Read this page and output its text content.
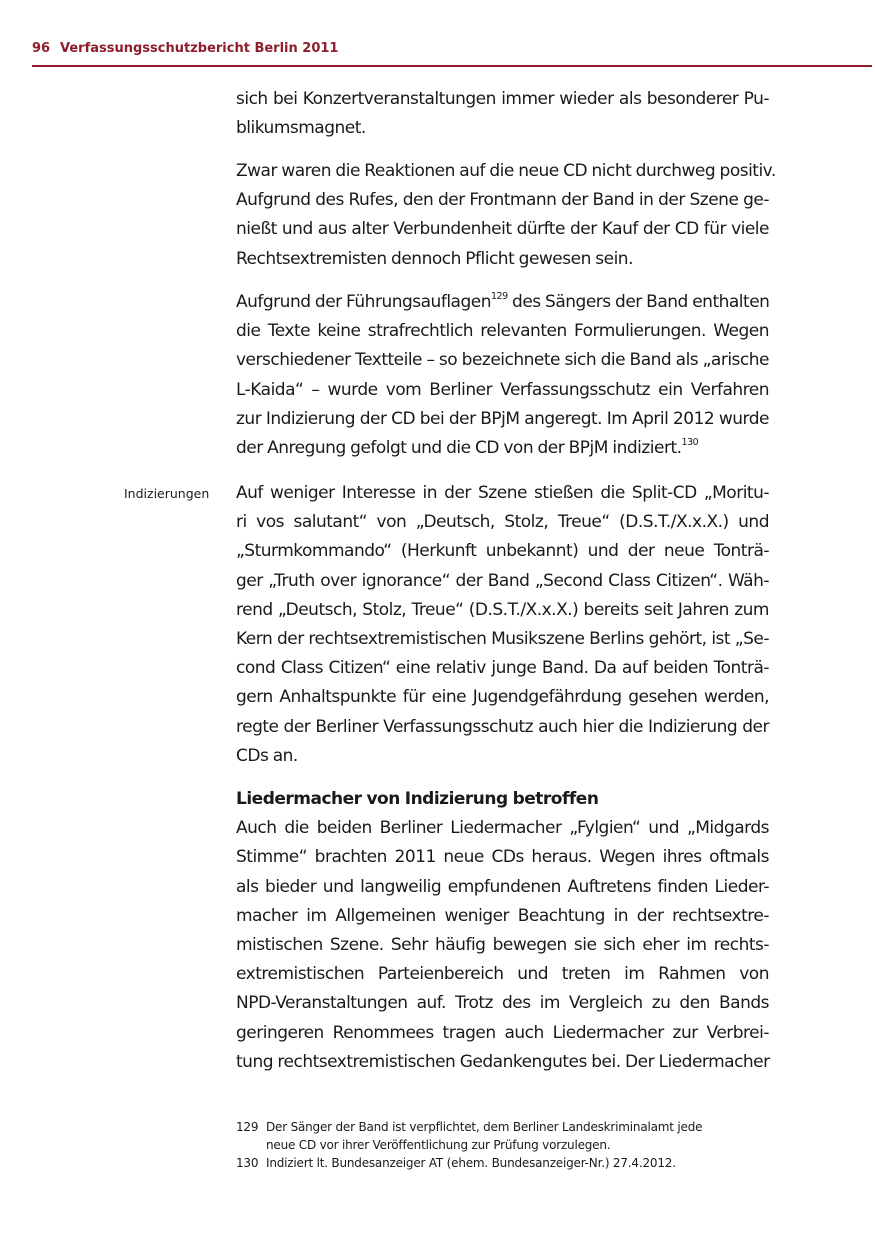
96 Verfassungsschutzbericht Berlin 2011
Indizierungen
sich bei Konzertveranstaltungen immer wieder als besonderer Pu-
blikumsmagnet.
Zwar waren die Reaktionen auf die neue CD nicht durchweg positiv.
Aufgrund des Rufes, den der Frontmann der Band in der Szene ge-
nießt und aus alter Verbundenheit dürfte der Kauf der CD für viele
Rechtsextremisten dennoch Pflicht gewesen sein.
Aufgrund der Führungsauflagen$^{129}$ des Sängers der Band enthalten
die Texte keine strafrechtlich relevanten Formulierungen. Wegen
verschiedener Textteile – so bezeichnete sich die Band als „arische
L-Kaida“ – wurde vom Berliner Verfassungsschutz ein Verfahren
zur Indizierung der CD bei der BPjM angeregt. Im April 2012 wurde
der Anregung gefolgt und die CD von der BPjM indiziert.$^{130}$
Auf weniger Interesse in der Szene stießen die Split-CD „Moritu-
ri vos salutant“ von „Deutsch, Stolz, Treue“ (D.S.T./X.x.X.) und
„Sturmkommando“ (Herkunft unbekannt) und der neue Tonträ-
ger „Truth over ignorance“ der Band „Second Class Citizen“. Wäh-
rend „Deutsch, Stolz, Treue“ (D.S.T./X.x.X.) bereits seit Jahren zum
Kern der rechtsextremistischen Musikszene Berlins gehört, ist „Se-
cond Class Citizen“ eine relativ junge Band. Da auf beiden Tonträ-
gern Anhaltspunkte für eine Jugendgefährdung gesehen werden,
regte der Berliner Verfassungsschutz auch hier die Indizierung der
CDs an.
Liedermacher von Indizierung betroffen
Auch die beiden Berliner Liedermacher „Fylgien“ und „Midgards
Stimme“ brachten 2011 neue CDs heraus. Wegen ihres oftmals
als bieder und langweilig empfundenen Auftretens finden Lieder-
macher im Allgemeinen weniger Beachtung in der rechtsextre-
mistischen Szene. Sehr häufig bewegen sie sich eher im rechts-
extremistischen Parteienbereich und treten im Rahmen von
NPD-Veranstaltungen auf. Trotz des im Vergleich zu den Bands
geringeren Renommees tragen auch Liedermacher zur Verbrei-
tung rechtsextremistischen Gedankengutes bei. Der Liedermacher
129 Der Sänger der Band ist verpflichtet, dem Berliner Landeskriminalamt jede
neue CD vor ihrer Veröffentlichung zur Prüfung vorzulegen.
130 Indiziert lt. Bundesanzeiger AT (ehem. Bundesanzeiger-Nr.) 27.4.2012.
